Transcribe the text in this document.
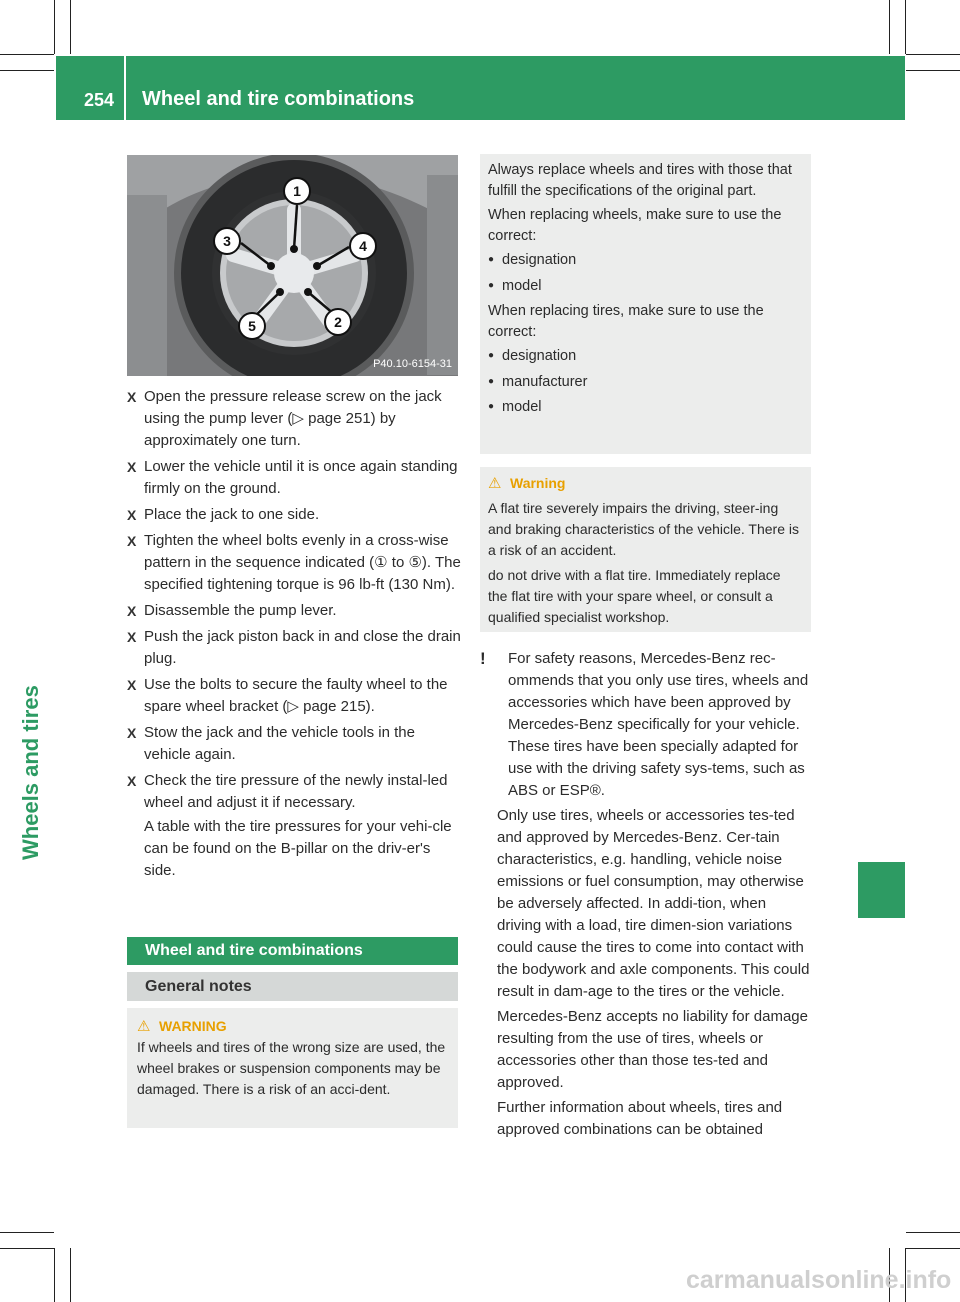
254 Wheel and tire combinations
Wheels and tires
1
4
3
2
5
P40.10-6154-31
X Open the pressure release screw on the jack using the pump lever (▷ page 251) by approximately one turn.
X Lower the vehicle until it is once again standing firmly on the ground.
X Place the jack to one side.
X Tighten the wheel bolts evenly in a cross-wise pattern in the sequence indicated (① to ⑤). The specified tightening torque is 96 lb-ft (130 Nm).
X Disassemble the pump lever.
X Push the jack piston back in and close the drain plug.
X Use the bolts to secure the faulty wheel to the spare wheel bracket (▷ page 215).
X Stow the jack and the vehicle tools in the vehicle again.
X Check the tire pressure of the newly instal-led wheel and adjust it if necessary.
A table with the tire pressures for your vehi-cle can be found on the B-pillar on the driv-er's side.
Wheel and tire combinations
General notes
⚠ WARNING
If wheels and tires of the wrong size are used, the wheel brakes or suspension components may be damaged. There is a risk of an acci-dent.

Always replace wheels and tires with those that fulfill the specifications of the original part.

When replacing wheels, make sure to use the correct:

● designation
● model

When replacing tires, make sure to use the correct:

● designation
● manufacturer
● model
⚠ Warning
A flat tire severely impairs the driving, steer-ing and braking characteristics of the vehicle. There is a risk of an accident.
do not drive with a flat tire. Immediately replace the flat tire with your spare wheel, or consult a qualified specialist workshop.
!	For safety reasons, Mercedes-Benz rec-ommends that you only use tires, wheels and accessories which have been approved by Mercedes-Benz specifically for your vehicle. These tires have been specially adapted for use with the driving safety sys-tems, such as ABS or ESP®.

Only use tires, wheels or accessories tes-ted and approved by Mercedes-Benz. Cer-tain characteristics, e.g. handling, vehicle noise emissions or fuel consumption, may otherwise be adversely affected. In addi-tion, when driving with a load, tire dimen-sion variations could cause the tires to come into contact with the bodywork and axle components. This could result in dam-age to the tires or the vehicle.

Mercedes-Benz accepts no liability for damage resulting from the use of tires, wheels or accessories other than those tes-ted and approved.

Further information about wheels, tires and approved combinations can be obtained

carmanualsonline.info
